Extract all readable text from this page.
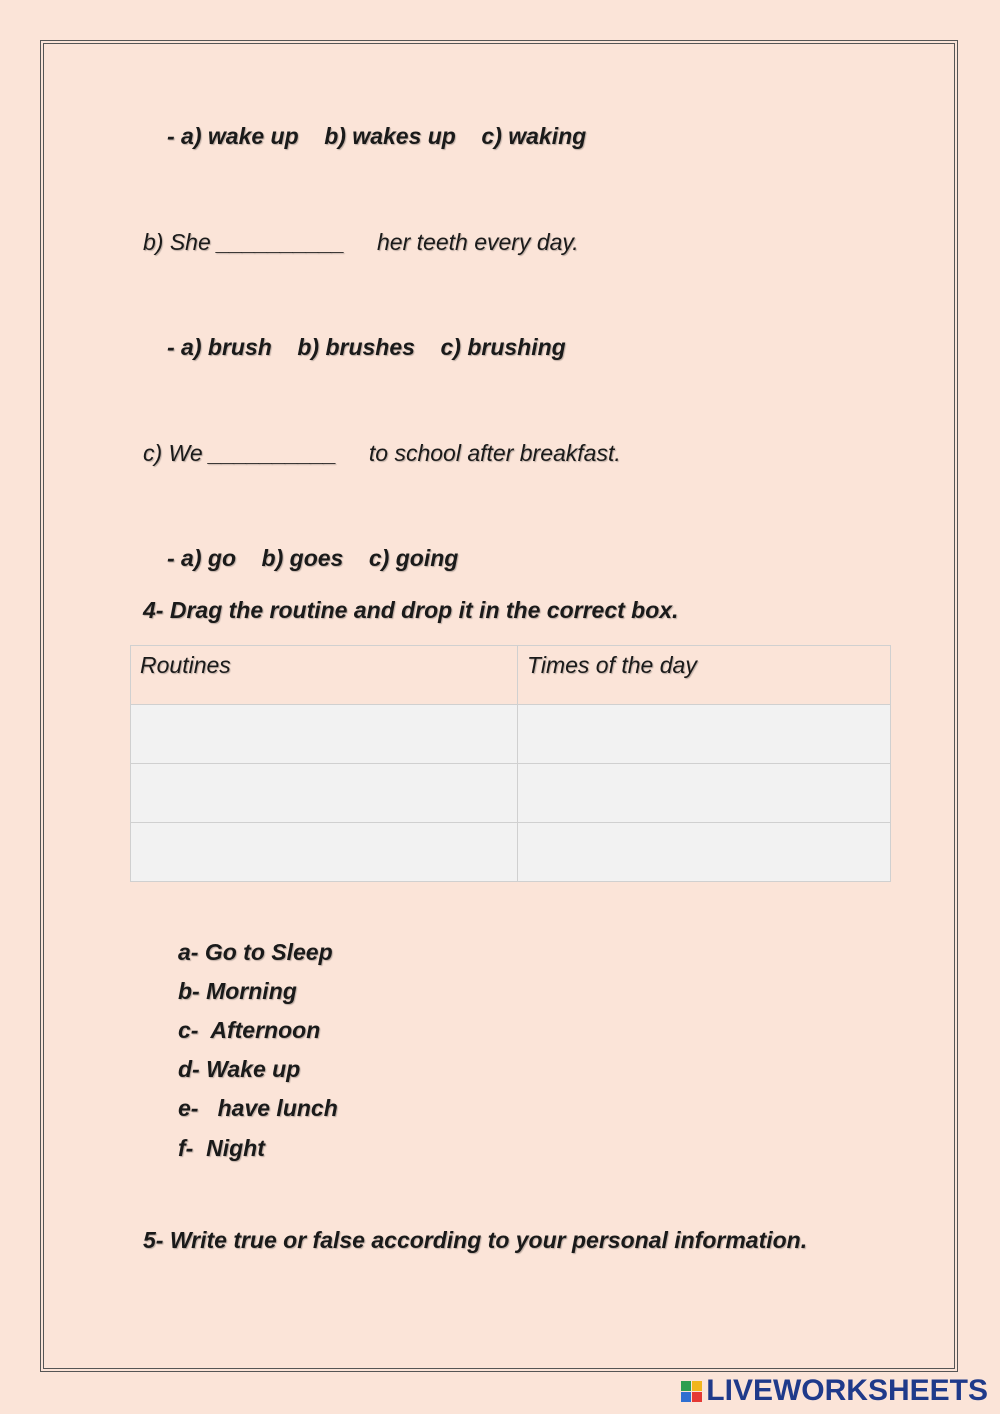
- a) wake up    b) wakes up    c) waking
b) She __________     her teeth every day.
- a) brush    b) brushes    c) brushing
c) We __________     to school after breakfast.
- a) go    b) goes    c) going
4- Drag the routine and drop it in the correct box.
Routines	Times of the day

a- Go to Sleep
b- Morning
c-  Afternoon
d- Wake up
e-   have lunch
f-  Night
5- Write true or false according to your personal information.
LIVEWORKSHEETS
